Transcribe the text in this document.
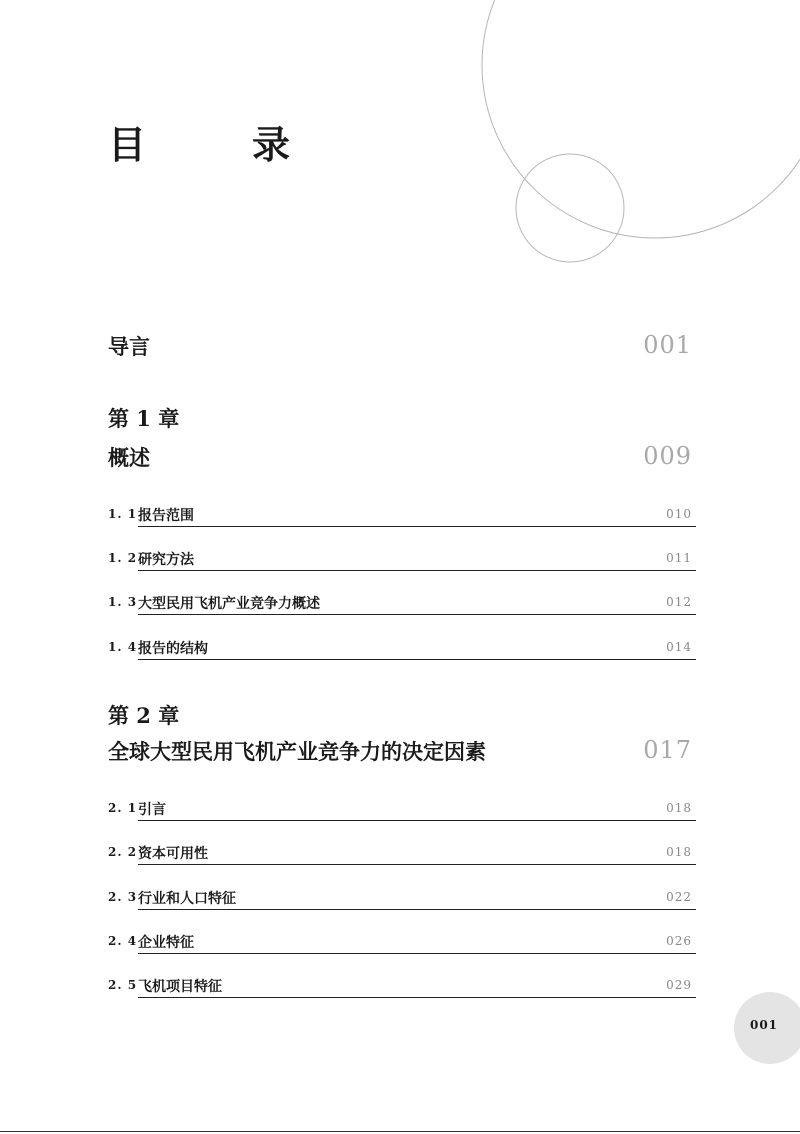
目　录
导言	001
第 1 章
概述	009
1. 1 报告范围	010
1. 2 研究方法	011
1. 3 大型民用飞机产业竞争力概述	012
1. 4 报告的结构	014
第 2 章
全球大型民用飞机产业竞争力的决定因素	017
2. 1 引言	018
2. 2 资本可用性	018
2. 3 行业和人口特征	022
2. 4 企业特征	026
2. 5 飞机项目特征	029
001
